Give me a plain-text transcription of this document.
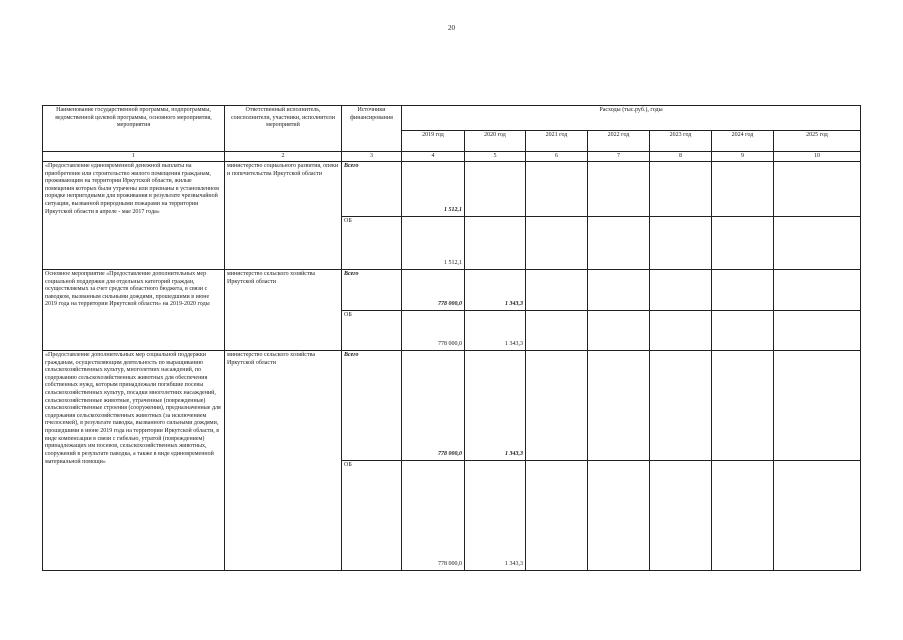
20
Наименование государственной программы, подпрограммы, ведомственной целевой программы, основного мероприятия, мероприятия	Ответственный исполнитель, соисполнители, участники, исполнители мероприятий	Источники финансирования	Расходы (тыс.руб.), годы						
			2019 год	2020 год	2021 год	2022 год	2023 год	2024 год	2025 год
1	2	3	4	5	6	7	8	9	10
«Предоставление единовременной денежной выплаты на приобретение или строительство жилого помещения гражданам, проживающим на территории Иркутской области, жилые помещения которых были утрачены или признаны в установленном порядке непригодными для проживания в результате чрезвычайной ситуации, вызванной природными пожарами на территории Иркутской области в апреле - мае 2017 года»	министерство социального развития, опеки и попечительства Иркутской области	Всего	1 512,1						
		ОБ	1 512,1						
Основное мероприятие «Предоставление дополнительных мер социальной поддержки для отдельных категорий граждан, осуществляемых за счет средств областного бюджета, в связи с паводком, вызванным сильными дождями, прошедшими в июне 2019 года на территории Иркутской области» на 2019-2020 годы	министерство сельского хозяйства Иркутской области	Всего	778 000,0	1 343,3					
		ОБ	778 000,0	1 343,3					
«Предоставление дополнительных мер социальной поддержки гражданам, осуществляющим деятельность по выращиванию сельскохозяйственных культур, многолетних насаждений, по содержанию сельскохозяйственных животных для обеспечения собственных нужд, которым принадлежали погибшие посевы сельскохозяйственных культур, посадки многолетних насаждений, сельскохозяйственные животные, утраченные (поврежденные) сельскохозяйственные строения (сооружения), предназначенные для содержания сельскохозяйственных животных (за исключением пчелосемей), в результате паводка, вызванного сильными дождями, прошедшими в июне 2019 года на территории Иркутской области, в виде компенсации в связи с гибелью, утратой (повреждением) принадлежащих им посевов, сельскохозяйственных животных, сооружений в результате паводка, а также в виде единовременной материальной помощи»	министерство сельского хозяйства Иркутской области	Всего	778 000,0	1 343,3					
		ОБ	778 000,0	1 343,3					
